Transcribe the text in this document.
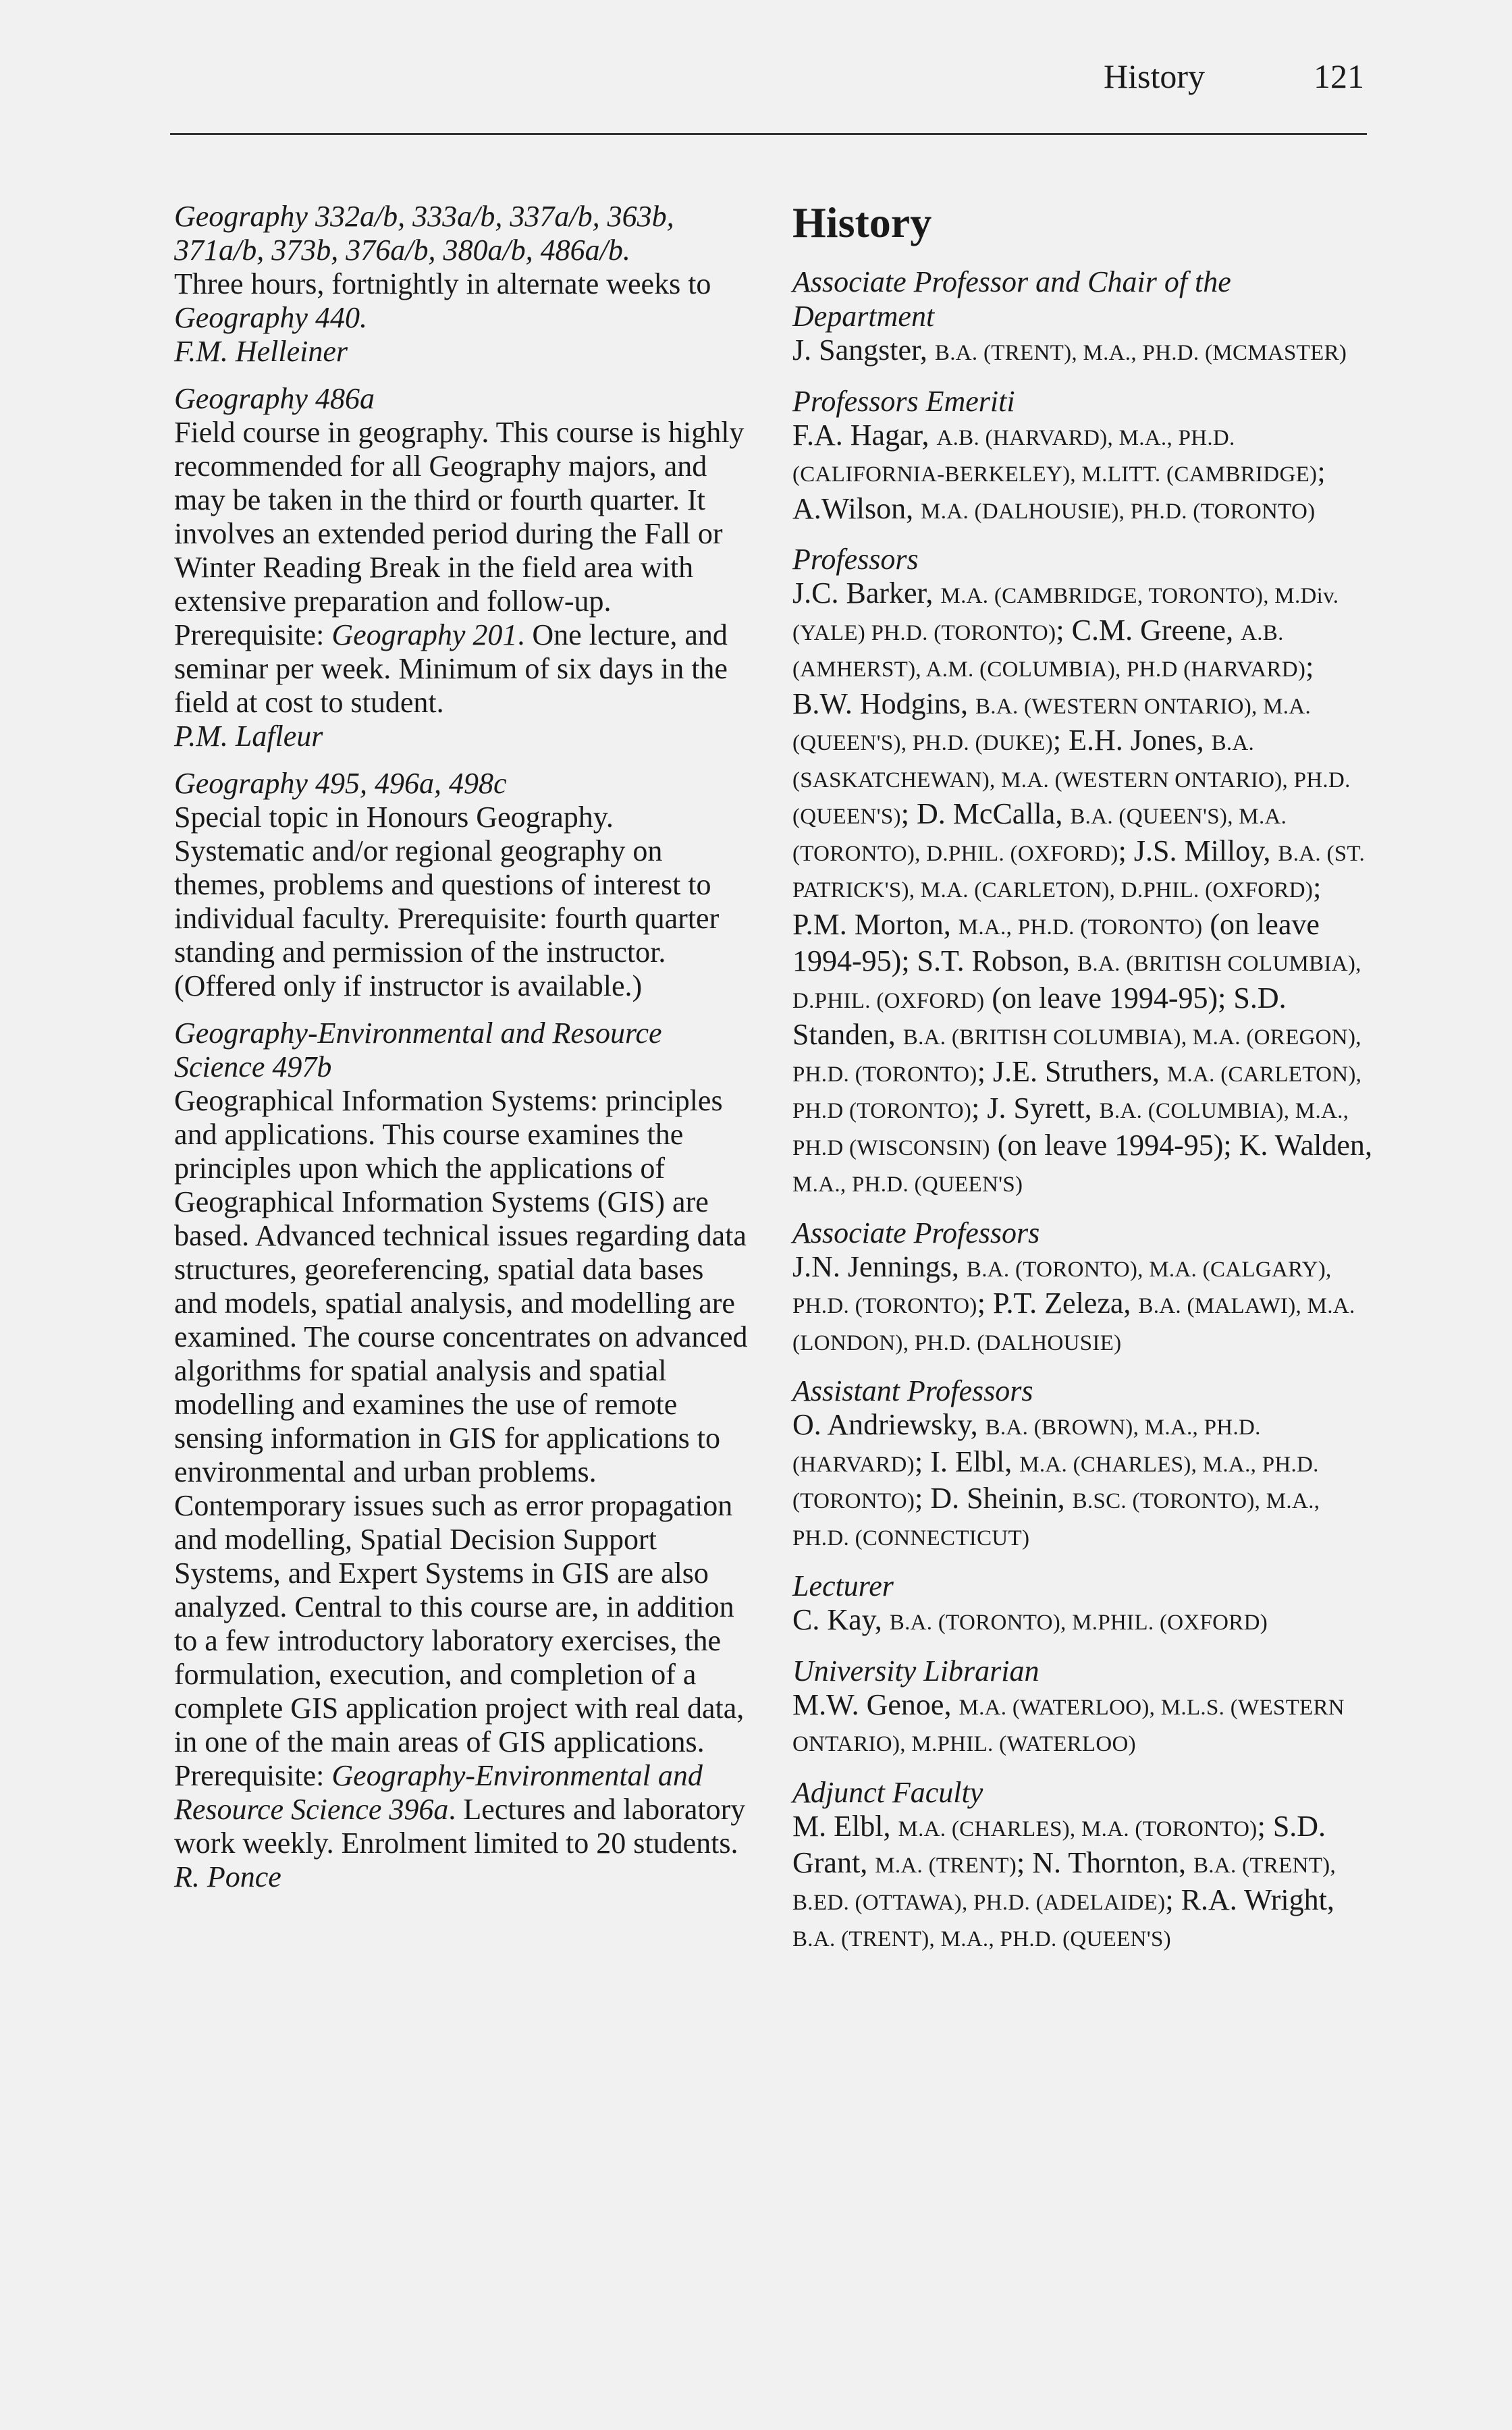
History	121
Geography 332a/b, 333a/b, 337a/b, 363b, 371a/b, 373b, 376a/b, 380a/b, 486a/b.
Three hours, fortnightly in alternate weeks to Geography 440.
F.M. Helleiner
Geography 486a
Field course in geography. This course is highly recommended for all Geography majors, and may be taken in the third or fourth quarter. It involves an extended period during the Fall or Winter Reading Break in the field area with extensive preparation and follow-up. Prerequisite: Geography 201. One lecture, and seminar per week. Minimum of six days in the field at cost to student.
P.M. Lafleur
Geography 495, 496a, 498c
Special topic in Honours Geography. Systematic and/or regional geography on themes, problems and questions of interest to individual faculty. Prerequisite: fourth quarter standing and permission of the instructor. (Offered only if instructor is available.)
Geography-Environmental and Resource Science 497b
Geographical Information Systems: principles and applications. This course examines the principles upon which the applications of Geographical Information Systems (GIS) are based. Advanced technical issues regarding data structures, georeferencing, spatial data bases and models, spatial analysis, and modelling are examined. The course concentrates on advanced algorithms for spatial analysis and spatial modelling and examines the use of remote sensing information in GIS for applications to environmental and urban problems. Contemporary issues such as error propagation and modelling, Spatial Decision Support Systems, and Expert Systems in GIS are also analyzed. Central to this course are, in addition to a few introductory laboratory exercises, the formulation, execution, and completion of a complete GIS application project with real data, in one of the main areas of GIS applications. Prerequisite: Geography-Environmental and Resource Science 396a. Lectures and laboratory work weekly. Enrolment limited to 20 students.
R. Ponce
History
Associate Professor and Chair of the Department
J. Sangster, B.A. (TRENT), M.A., PH.D. (MCMASTER)
Professors Emeriti
F.A. Hagar, A.B. (HARVARD), M.A., PH.D. (CALIFORNIA-BERKELEY), M.LITT. (CAMBRIDGE); A.Wilson, M.A. (DALHOUSIE), PH.D. (TORONTO)
Professors
J.C. Barker, M.A. (CAMBRIDGE, TORONTO), M.Div. (YALE) PH.D. (TORONTO); C.M. Greene, A.B. (AMHERST), A.M. (COLUMBIA), PH.D (HARVARD); B.W. Hodgins, B.A. (WESTERN ONTARIO), M.A. (QUEEN'S), PH.D. (DUKE); E.H. Jones, B.A. (SASKATCHEWAN), M.A. (WESTERN ONTARIO), PH.D. (QUEEN'S); D. McCalla, B.A. (QUEEN'S), M.A. (TORONTO), D.PHIL. (OXFORD); J.S. Milloy, B.A. (ST. PATRICK'S), M.A. (CARLETON), D.PHIL. (OXFORD); P.M. Morton, M.A., PH.D. (TORONTO) (on leave 1994-95); S.T. Robson, B.A. (BRITISH COLUMBIA), D.PHIL. (OXFORD) (on leave 1994-95); S.D. Standen, B.A. (BRITISH COLUMBIA), M.A. (OREGON), PH.D. (TORONTO); J.E. Struthers, M.A. (CARLETON), PH.D (TORONTO); J. Syrett, B.A. (COLUMBIA), M.A., PH.D (WISCONSIN) (on leave 1994-95); K. Walden, M.A., PH.D. (QUEEN'S)
Associate Professors
J.N. Jennings, B.A. (TORONTO), M.A. (CALGARY), PH.D. (TORONTO); P.T. Zeleza, B.A. (MALAWI), M.A. (LONDON), PH.D. (DALHOUSIE)
Assistant Professors
O. Andriewsky, B.A. (BROWN), M.A., PH.D. (HARVARD); I. Elbl, M.A. (CHARLES), M.A., PH.D. (TORONTO); D. Sheinin, B.SC. (TORONTO), M.A., PH.D. (CONNECTICUT)
Lecturer
C. Kay, B.A. (TORONTO), M.PHIL. (OXFORD)
University Librarian
M.W. Genoe, M.A. (WATERLOO), M.L.S. (WESTERN ONTARIO), M.PHIL. (WATERLOO)
Adjunct Faculty
M. Elbl, M.A. (CHARLES), M.A. (TORONTO); S.D. Grant, M.A. (TRENT); N. Thornton, B.A. (TRENT), B.ED. (OTTAWA), PH.D. (ADELAIDE); R.A. Wright, B.A. (TRENT), M.A., PH.D. (QUEEN'S)
